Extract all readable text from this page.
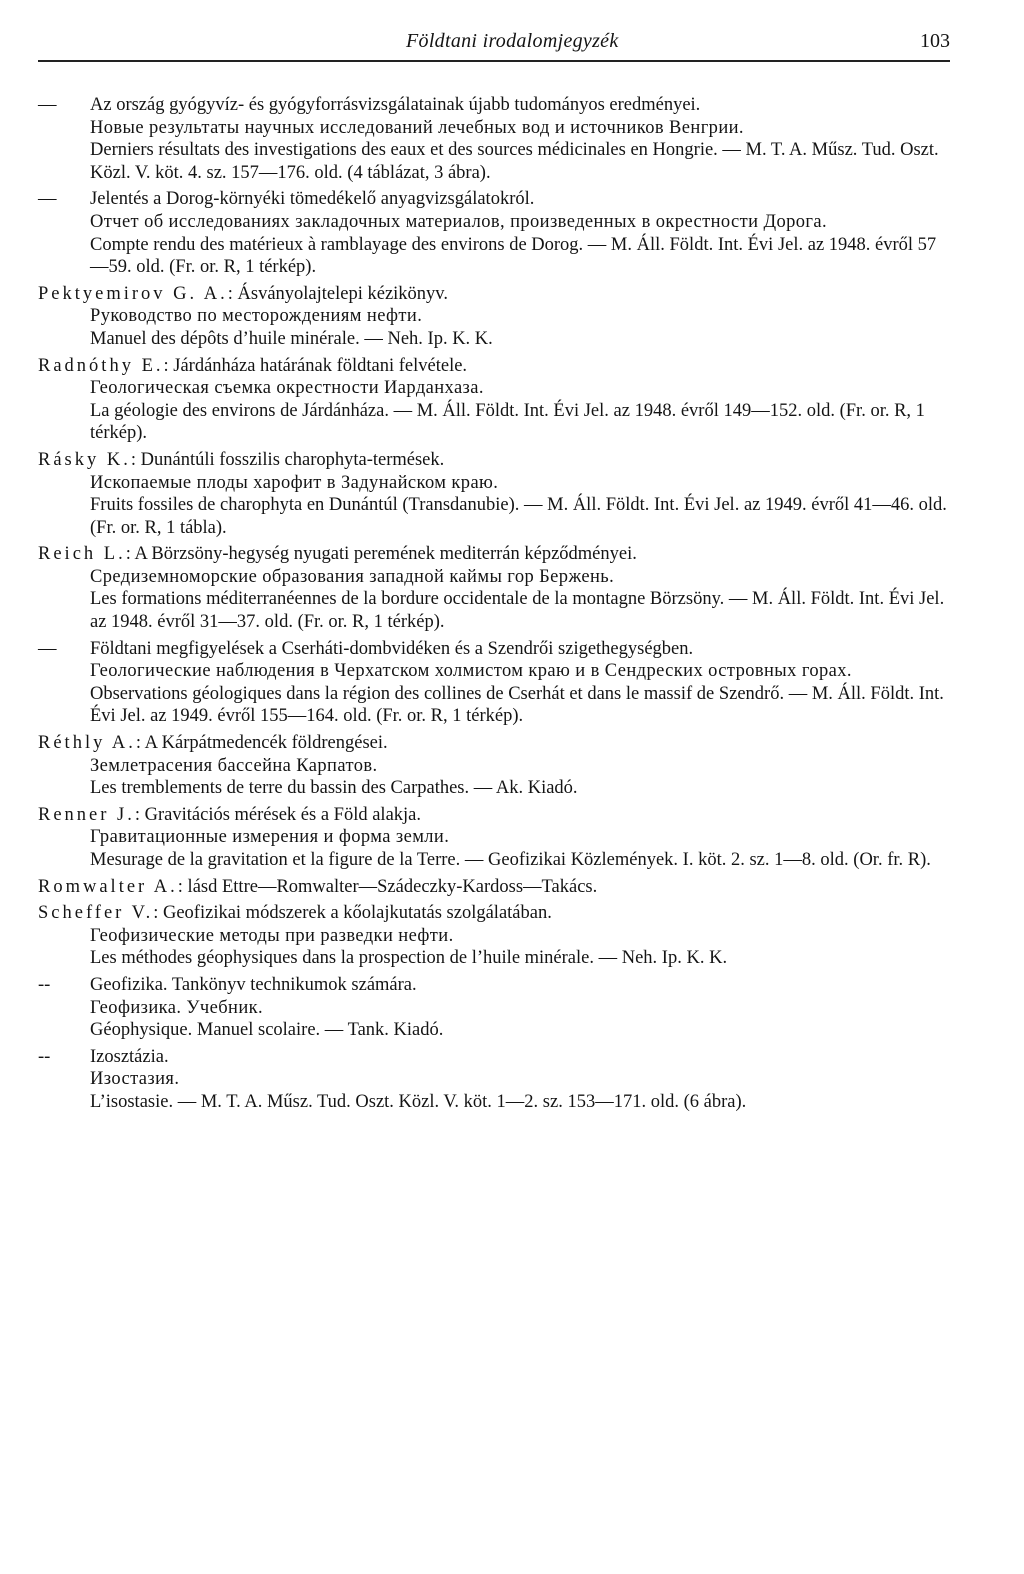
Földtani irodalomjegyzék	103
—	Az ország gyógyvíz- és gyógyforrásvizsgálatainak újabb tudományos eredményei.
Новые результаты научных исследований лечебных вод и источников Венгрии.
Derniers résultats des investigations des eaux et des sources médicinales en Hongrie. — M. T. A. Műsz. Tud. Oszt. Közl. V. köt. 4. sz. 157—176. old. (4 táblázat, 3 ábra).
—	Jelentés a Dorog-környéki tömedékelő anyagvizsgálatokról.
Отчет об исследованиях закладочных материалов, произведенных в окрестности Дорога.
Compte rendu des matérieux à ramblayage des environs de Dorog. — M. Áll. Földt. Int. Évi Jel. az 1948. évről 57—59. old. (Fr. or. R, 1 térkép).
Pektyemirov G. A.: Ásványolajtelepi kézikönyv.
Руководство по месторождениям нефти.
Manuel des dépôts d’huile minérale. — Neh. Ip. K. K.
Radnóthy E.: Járdánháza határának földtani felvétele.
Геологическая съемка окрестности Иарданхаза.
La géologie des environs de Járdánháza. — M. Áll. Földt. Int. Évi Jel. az 1948. évről 149—152. old. (Fr. or. R, 1 térkép).
Rásky K.: Dunántúli fosszilis charophyta-termések.
Ископаемые плоды харофит в Задунайском краю.
Fruits fossiles de charophyta en Dunántúl (Transdanubie). — M. Áll. Földt. Int. Évi Jel. az 1949. évről 41—46. old. (Fr. or. R, 1 tábla).
Reich L.: A Börzsöny-hegység nyugati peremének mediterrán képződményei.
Средиземноморские образования западной каймы гор Бержень.
Les formations méditerranéennes de la bordure occidentale de la montagne Börzsöny. — M. Áll. Földt. Int. Évi Jel. az 1948. évről 31—37. old. (Fr. or. R, 1 térkép).
—	Földtani megfigyelések a Cserháti-dombvidéken és a Szendrői szigethegységben.
Геологические наблюдения в Черхатском холмистом краю и в Сендреских островных горах.
Observations géologiques dans la région des collines de Cserhát et dans le massif de Szendrő. — M. Áll. Földt. Int. Évi Jel. az 1949. évről 155—164. old. (Fr. or. R, 1 térkép).
Réthly A.: A Kárpátmedencék földrengései.
Землетрасения бассейна Карпатов.
Les tremblements de terre du bassin des Carpathes. — Ak. Kiadó.
Renner J.: Gravitációs mérések és a Föld alakja.
Гравитационные измерения и форма земли.
Mesurage de la gravitation et la figure de la Terre. — Geofizikai Közlemények. I. köt. 2. sz. 1—8. old. (Or. fr. R).
Romwalter A.: lásd Ettre—Romwalter—Szádeczky-Kardoss—Takács.
Scheffer V.: Geofizikai módszerek a kőolajkutatás szolgálatában.
Геофизические методы при разведки нефти.
Les méthodes géophysiques dans la prospection de l’huile minérale. — Neh. Ip. K. K.
--	Geofizika. Tankönyv technikumok számára.
Геофизика. Учебник.
Géophysique. Manuel scolaire. — Tank. Kiadó.
--	Izosztázia.
Изостазия.
L’isostasie. — M. T. A. Műsz. Tud. Oszt. Közl. V. köt. 1—2. sz. 153—171. old. (6 ábra).
